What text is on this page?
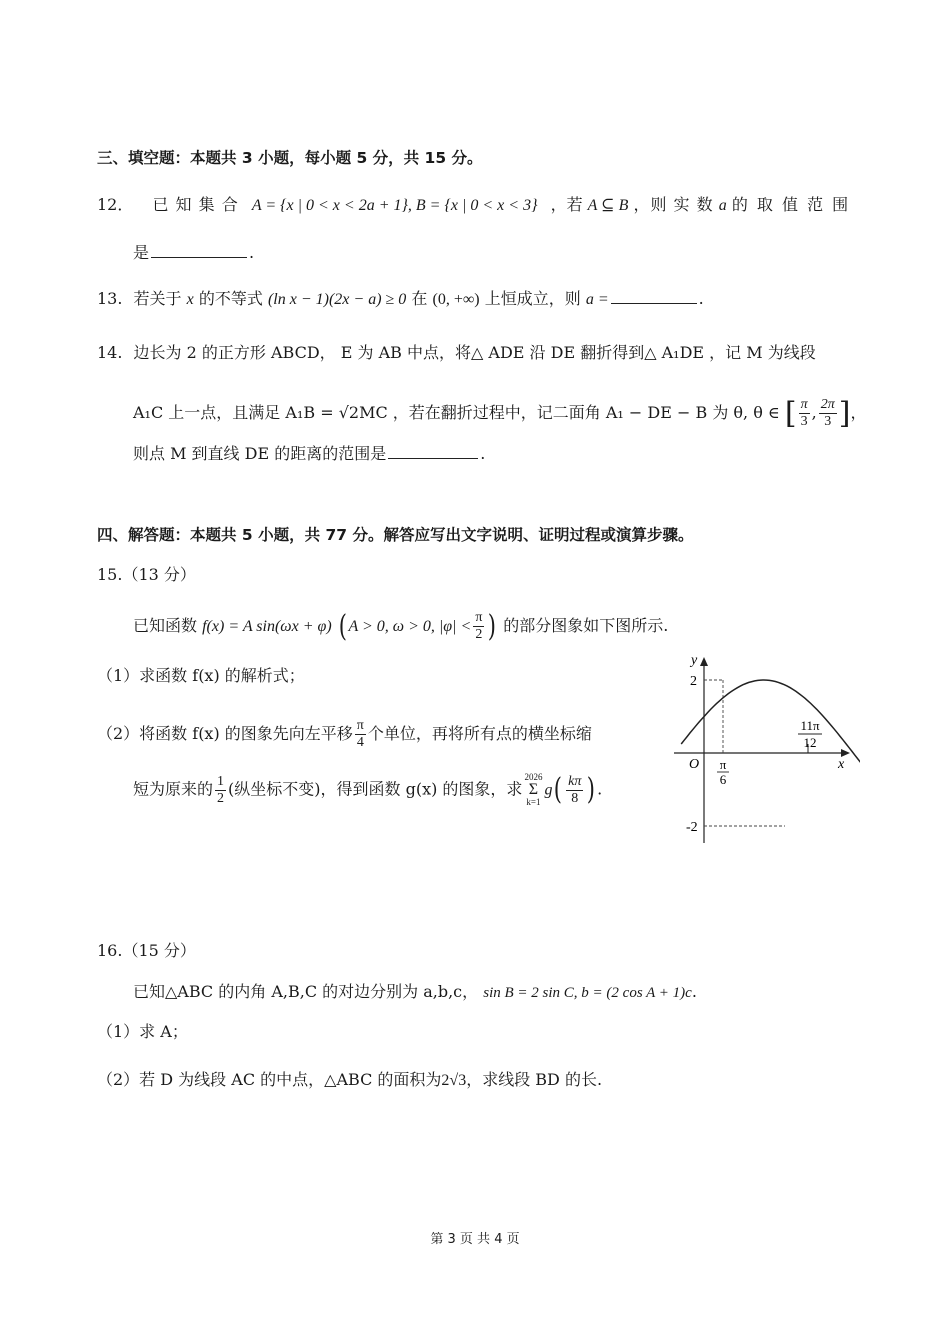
三、填空题：本题共 3 小题，每小题 5 分，共 15 分。
12． 已 知 集 合 A = {x | 0 < x < 2a + 1}, B = {x | 0 < x < 3} ，若 A ⊆ B ，则 实 数 a 的 取 值 范 围
是	.
13. 若关于 x 的不等式 (ln x − 1)(2x − a) ≥ 0 在 (0, +∞) 上恒成立，则 a =	.
14. 边长为 2 的正方形 ABCD， E 为 AB 中点，将△ ADE 沿 DE 翻折得到△ A₁DE ，记 M 为线段
A₁C 上一点，且满足 A₁B = √2MC ，若在翻折过程中，记二面角 A₁ − DE − B 为 θ, θ ∈ [ $\frac{\pi}{3}$ , $\frac{2\pi}{3}$ ]，
则点 M 到直线 DE 的距离的范围是	.
四、解答题：本题共 5 小题，共 77 分。解答应写出文字说明、证明过程或演算步骤。
15.（13 分）
已知函数 f(x) = A sin(ωx + φ) ( A > 0, ω > 0, $|\varphi| < \frac{\pi}{2}$ ) 的部分图象如下图所示.
（1）求函数 f(x) 的解析式；
（2）将函数 f(x) 的图象先向左平移 $\frac{\pi}{4}$ 个单位，再将所有点的横坐标缩
短为原来的 $\frac{1}{2}$ (纵坐标不变)，得到函数 g(x) 的图象，求
2026
Σ
k=1
$g( \frac{k\pi}{8}$ ) .
y
x
O
2
-2
π
6
11π
12
16.（15 分）
已知△ABC 的内角 A,B,C 的对边分别为 a,b,c， sin B = 2 sin C, b = (2 cos A + 1)c.
（1）求 A；
（2）若 D 为线段 AC 的中点，△ABC 的面积为2√3，求线段 BD 的长.
第 3 页 共 4 页
